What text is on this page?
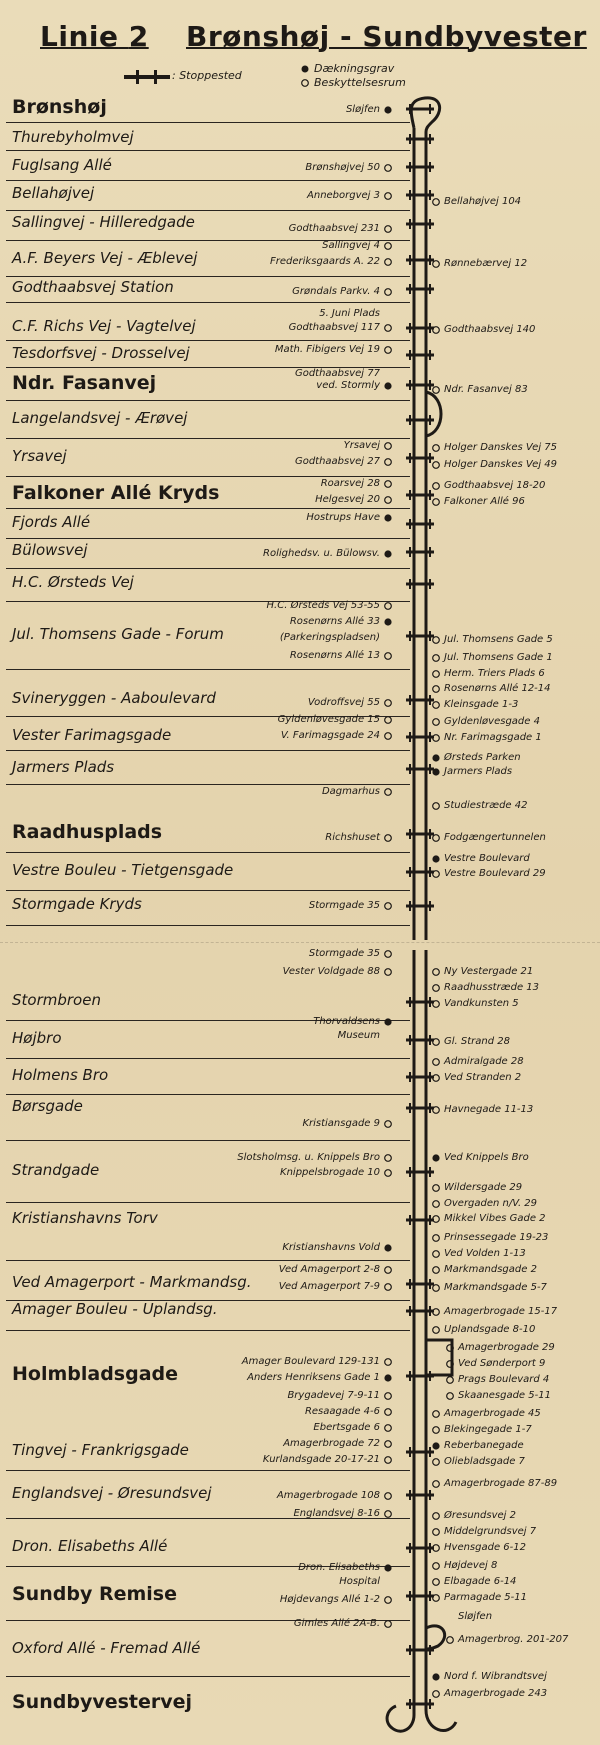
Linie 2 Brønshøj - Sundbyvester
: Stoppested
Dækningsgrav
Beskyttelsesrum
Brønshøj
Thurebyholmvej
Fuglsang Allé
Bellahøjvej
Sallingvej - Hilleredgade
A.F. Beyers Vej - Æblevej
Godthaabsvej Station
C.F. Richs Vej - Vagtelvej
Tesdorfsvej - Drosselvej
Ndr. Fasanvej
Langelandsvej - Ærøvej
Yrsavej
Falkoner Allé Kryds
Fjords Allé
Bülowsvej
H.C. Ørsteds Vej
Jul. Thomsens Gade - Forum
Svineryggen - Aaboulevard
Vester Farimagsgade
Jarmers Plads
Raadhusplads
Vestre Bouleu - Tietgensgade
Stormgade Kryds
Stormbroen
Højbro
Holmens Bro
Børsgade
Strandgade
Kristianshavns Torv
Ved Amagerport - Markmandsg.
Amager Bouleu - Uplandsg.
Holmbladsgade
Tingvej - Frankrigsgade
Englandsvej - Øresundsvej
Dron. Elisabeths Allé
Sundby Remise
Oxford Allé - Fremad Allé
Sundbyvestervej
Sløjfen
Brønshøjvej 50
Anneborgvej 3
Godthaabsvej 231
Sallingvej 4
Frederiksgaards A. 22
Grøndals Parkv. 4
5. Juni Plads
Godthaabsvej 117
Math. Fibigers Vej 19
Godthaabsvej 77
ved. Stormly
Yrsavej
Godthaabsvej 27
Roarsvej 28
Helgesvej 20
Hostrups Have
Rolighedsv. u. Bülowsv.
H.C. Ørsteds Vej 53-55
Rosenørns Allé 33
(Parkeringspladsen)
Rosenørns Allé 13
Vodroffsvej 55
Gyldenløvesgade 15
V. Farimagsgade 24
Dagmarhus
Richshuset
Stormgade 35
Stormgade 35
Vester Voldgade 88
Thorvaldsens
Museum
Kristiansgade 9
Slotsholmsg. u. Knippels Bro
Knippelsbrogade 10
Kristianshavns Vold
Ved Amagerport 2-8
Ved Amagerport 7-9
Amager Boulevard 129-131
Anders Henriksens Gade 1
Brygadevej 7-9-11
Resaagade 4-6
Ebertsgade 6
Amagerbrogade 72
Kurlandsgade 20-17-21
Amagerbrogade 108
Englandsvej 8-16
Dron. Elisabeths
Hospital
Højdevangs Allé 1-2
Gimles Allé 2A-B.
Bellahøjvej 104
Rønnebærvej 12
Godthaabsvej 140
Ndr. Fasanvej 83
Holger Danskes Vej 75
Holger Danskes Vej 49
Godthaabsvej 18-20
Falkoner Allé 96
Jul. Thomsens Gade 5
Jul. Thomsens Gade 1
Herm. Triers Plads 6
Rosenørns Allé 12-14
Kleinsgade 1-3
Gyldenløvesgade 4
Nr. Farimagsgade 1
Ørsteds Parken
Jarmers Plads
Studiestræde 42
Fodgængertunnelen
Vestre Boulevard
Vestre Boulevard 29
Ny Vestergade 21
Raadhusstræde 13
Vandkunsten 5
Gl. Strand 28
Admiralgade 28
Ved Stranden 2
Havnegade 11-13
Ved Knippels Bro
Wildersgade 29
Overgaden n/V. 29
Mikkel Vibes Gade 2
Prinsessegade 19-23
Ved Volden 1-13
Markmandsgade 2
Markmandsgade 5-7
Amagerbrogade 15-17
Uplandsgade 8-10
Amagerbrogade 29
Ved Sønderport 9
Prags Boulevard 4
Skaanesgade 5-11
Amagerbrogade 45
Blekingegade 1-7
Reberbanegade
Oliebladsgade 7
Amagerbrogade 87-89
Øresundsvej 2
Middelgrundsvej 7
Hvensgade 6-12
Højdevej 8
Elbagade 6-14
Parmagade 5-11
Sløjfen
Amagerbrog. 201-207
Nord f. Wibrandtsvej
Amagerbrogade 243
